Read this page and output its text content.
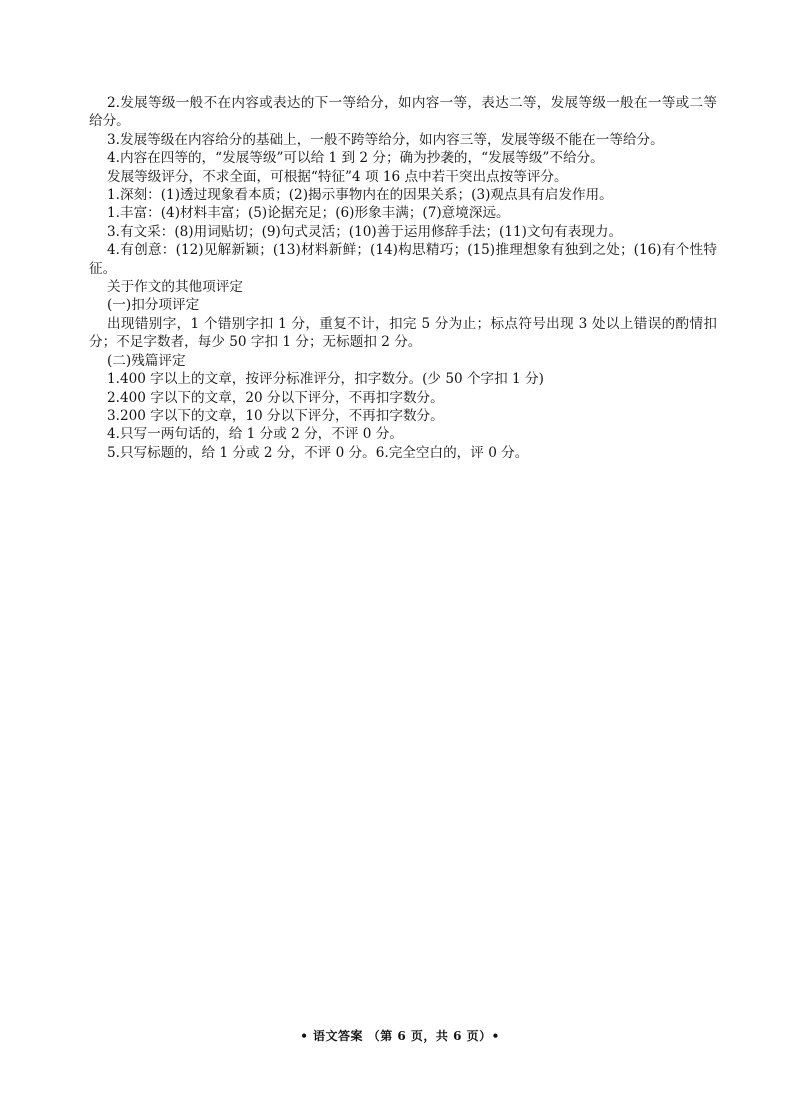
2.发展等级一般不在内容或表达的下一等给分，如内容一等，表达二等，发展等级一般在一等或二等给分。
3.发展等级在内容给分的基础上，一般不跨等给分，如内容三等，发展等级不能在一等给分。
4.内容在四等的，“发展等级”可以给 1 到 2 分；确为抄袭的，“发展等级”不给分。
发展等级评分，不求全面，可根据“特征”4 项 16 点中若干突出点按等评分。
1.深刻：(1)透过现象看本质；(2)揭示事物内在的因果关系；(3)观点具有启发作用。
1.丰富：(4)材料丰富；(5)论据充足；(6)形象丰满；(7)意境深远。
3.有文采：(8)用词贴切；(9)句式灵活；(10)善于运用修辞手法；(11)文句有表现力。
4.有创意：(12)见解新颖；(13)材料新鲜；(14)构思精巧；(15)推理想象有独到之处；(16)有个性特征。
关于作文的其他项评定
(一)扣分项评定
出现错别字，1 个错别字扣 1 分，重复不计，扣完 5 分为止；标点符号出现 3 处以上错误的酌情扣分；不足字数者，每少 50 字扣 1 分；无标题扣 2 分。
(二)残篇评定
1.400 字以上的文章，按评分标准评分，扣字数分。(少 50 个字扣 1 分)
2.400 字以下的文章，20 分以下评分，不再扣字数分。
3.200 字以下的文章，10 分以下评分，不再扣字数分。
4.只写一两句话的，给 1 分或 2 分，不评 0 分。
5.只写标题的，给 1 分或 2 分，不评 0 分。6.完全空白的，评 0 分。
• 语文答案 （第 6 页，共 6 页）•
